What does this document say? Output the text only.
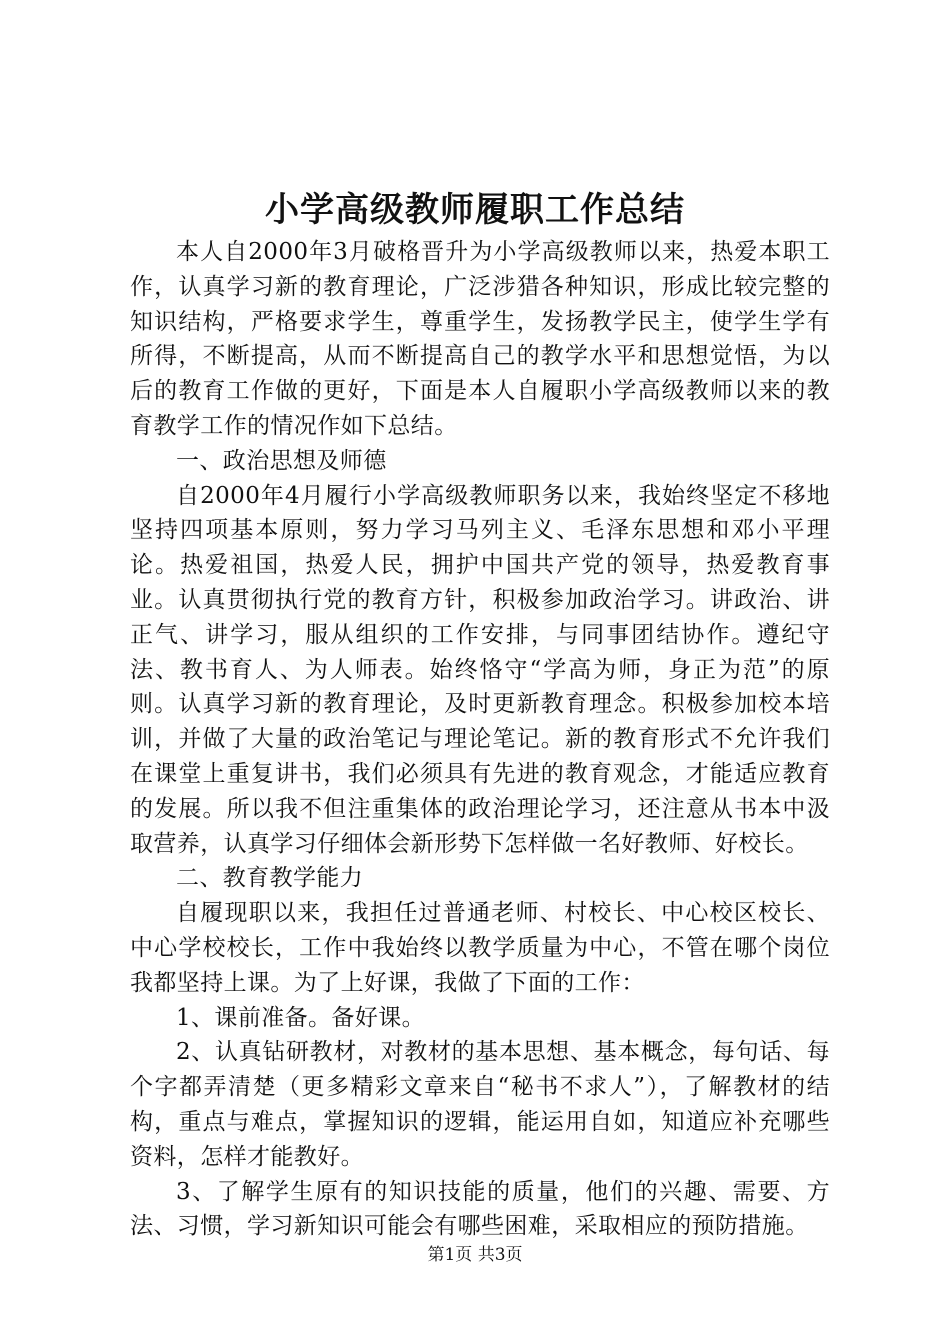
小学高级教师履职工作总结

本人自2000年3月破格晋升为小学高级教师以来，热爱本职工作，认真学习新的教育理论，广泛涉猎各种知识，形成比较完整的知识结构，严格要求学生，尊重学生，发扬教学民主，使学生学有所得，不断提高，从而不断提高自己的教学水平和思想觉悟，为以后的教育工作做的更好，下面是本人自履职小学高级教师以来的教育教学工作的情况作如下总结。

一、政治思想及师德

自2000年4月履行小学高级教师职务以来，我始终坚定不移地坚持四项基本原则，努力学习马列主义、毛泽东思想和邓小平理论。热爱祖国，热爱人民，拥护中国共产党的领导，热爱教育事业。认真贯彻执行党的教育方针，积极参加政治学习。讲政治、讲正气、讲学习，服从组织的工作安排，与同事团结协作。遵纪守法、教书育人、为人师表。始终恪守“学高为师，身正为范”的原则。认真学习新的教育理论，及时更新教育理念。积极参加校本培训，并做了大量的政治笔记与理论笔记。新的教育形式不允许我们在课堂上重复讲书，我们必须具有先进的教育观念，才能适应教育的发展。所以我不但注重集体的政治理论学习，还注意从书本中汲取营养，认真学习仔细体会新形势下怎样做一名好教师、好校长。

二、教育教学能力

自履现职以来，我担任过普通老师、村校长、中心校区校长、中心学校校长，工作中我始终以教学质量为中心，不管在哪个岗位我都坚持上课。为了上好课，我做了下面的工作：

1、课前准备。备好课。

2、认真钻研教材，对教材的基本思想、基本概念，每句话、每个字都弄清楚（更多精彩文章来自“秘书不求人”），了解教材的结构，重点与难点，掌握知识的逻辑，能运用自如，知道应补充哪些资料，怎样才能教好。

3、了解学生原有的知识技能的质量，他们的兴趣、需要、方法、习惯，学习新知识可能会有哪些困难，采取相应的预防措施。

第1页 共3页
